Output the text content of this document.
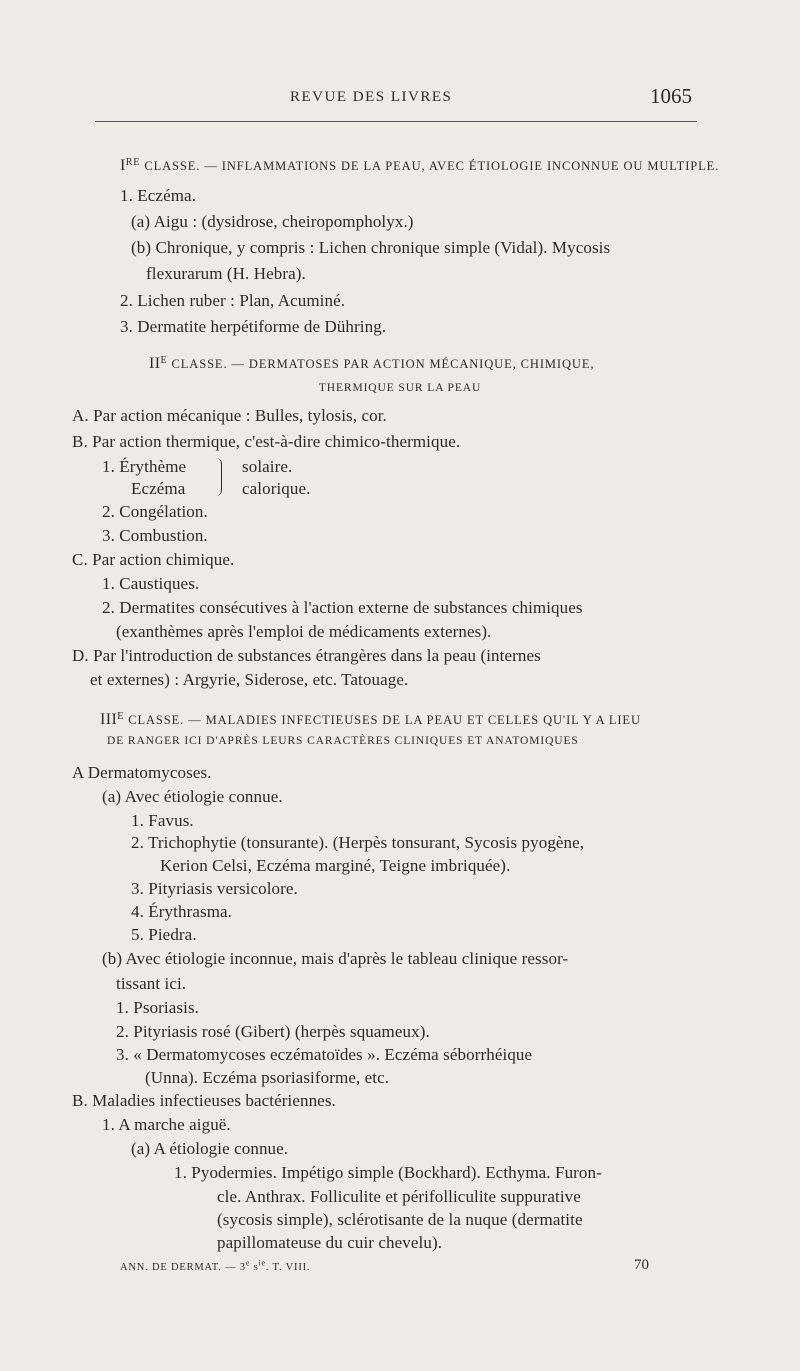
REVUE DES LIVRES	1065
IRE CLASSE. — INFLAMMATIONS DE LA PEAU, AVEC ÉTIOLOGIE INCONNUE OU MULTIPLE.
1. Eczéma.
(a) Aigu : (dysidrose, cheiropompholyx.)
(b) Chronique, y compris : Lichen chronique simple (Vidal). Mycosis
flexurarum (H. Hebra).
2. Lichen ruber : Plan, Acuminé.
3. Dermatite herpétiforme de Dühring.
$II^E$ CLASSE. — DERMATOSES PAR ACTION MÉCANIQUE, CHIMIQUE,
THERMIQUE SUR LA PEAU
A. Par action mécanique : Bulles, tylosis, cor.
B. Par action thermique, c'est-à-dire chimico-thermique.
1. Érythème
Eczéma
solaire.
calorique.
2. Congélation.
3. Combustion.
C. Par action chimique.
1. Caustiques.
2. Dermatites consécutives à l'action externe de substances chimiques
(exanthèmes après l'emploi de médicaments externes).
D. Par l'introduction de substances étrangères dans la peau (internes
et externes) : Argyrie, Siderose, etc. Tatouage.
$III^E$ CLASSE. — MALADIES INFECTIEUSES DE LA PEAU ET CELLES QU'IL Y A LIEU
DE RANGER ICI D'APRÈS LEURS CARACTÈRES CLINIQUES ET ANATOMIQUES
A Dermatomycoses.
(a) Avec étiologie connue.
1. Favus.
2. Trichophytie (tonsurante). (Herpès tonsurant, Sycosis pyogène,
Kerion Celsi, Eczéma marginé, Teigne imbriquée).
3. Pityriasis versicolore.
4. Érythrasma.
5. Piedra.
(b) Avec étiologie inconnue, mais d'après le tableau clinique ressor-
tissant ici.
1. Psoriasis.
2. Pityriasis rosé (Gibert) (herpès squameux).
3. « Dermatomycoses eczématoïdes ». Eczéma séborrhéique
(Unna). Eczéma psoriasiforme, etc.
B. Maladies infectieuses bactériennes.
1. A marche aiguë.
(a) A étiologie connue.
1. Pyodermies. Impétigo simple (Bockhard). Ecthyma. Furon-
cle. Anthrax. Folliculite et périfolliculite suppurative
(sycosis simple), sclérotisante de la nuque (dermatite
papillomateuse du cuir chevelu).
ANN. DE DERMAT. — 3e $s^{ie}$. T. VIII.	70
